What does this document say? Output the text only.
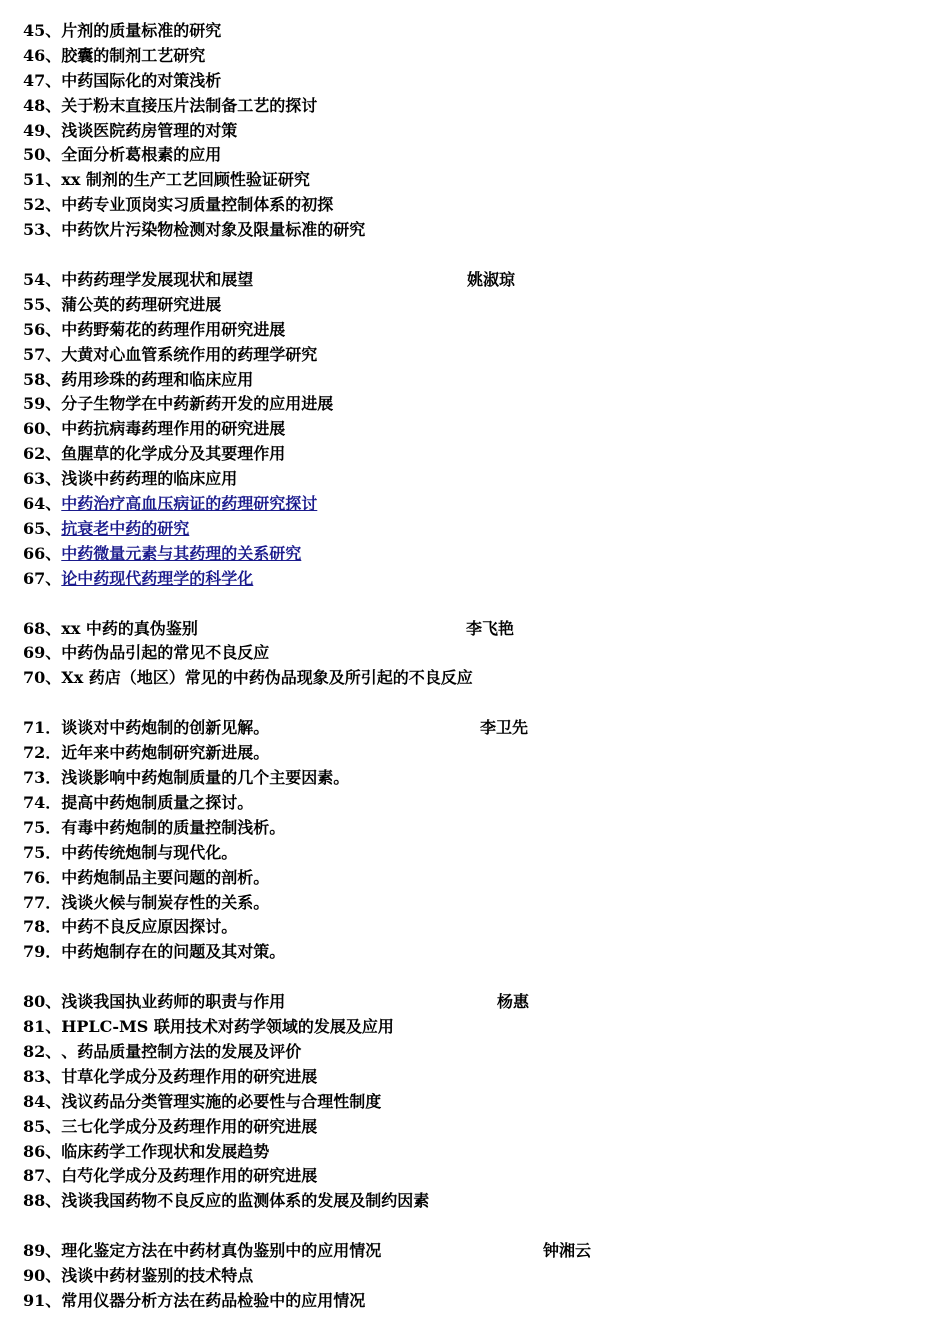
45、片剂的质量标准的研究
46、胶囊的制剂工艺研究
47、中药国际化的对策浅析
48、关于粉末直接压片法制备工艺的探讨
49、浅谈医院药房管理的对策
50、全面分析葛根素的应用
51、xx 制剂的生产工艺回顾性验证研究
52、中药专业顶岗实习质量控制体系的初探
53、中药饮片污染物检测对象及限量标准的研究
54、中药药理学发展现状和展望	姚淑琼
55、蒲公英的药理研究进展
56、中药野菊花的药理作用研究进展
57、大黄对心血管系统作用的药理学研究
58、药用珍珠的药理和临床应用
59、分子生物学在中药新药开发的应用进展
60、中药抗病毒药理作用的研究进展
62、鱼腥草的化学成分及其要理作用
63、浅谈中药药理的临床应用
64、中药治疗高血压病证的药理研究探讨
65、抗衰老中药的研究
66、中药微量元素与其药理的关系研究
67、论中药现代药理学的科学化
68、xx 中药的真伪鉴别	李飞艳
69、中药伪品引起的常见不良反应
70、Xx 药店（地区）常见的中药伪品现象及所引起的不良反应
71．谈谈对中药炮制的创新见解。	李卫先
72．近年来中药炮制研究新进展。
73．浅谈影响中药炮制质量的几个主要因素。
74．提高中药炮制质量之探讨。
75．有毒中药炮制的质量控制浅析。
75．中药传统炮制与现代化。
76．中药炮制品主要问题的剖析。
77．浅谈火候与制炭存性的关系。
78．中药不良反应原因探讨。
79．中药炮制存在的问题及其对策。
80、浅谈我国执业药师的职责与作用	杨惠
81、HPLC-MS 联用技术对药学领域的发展及应用
82、、药品质量控制方法的发展及评价
83、甘草化学成分及药理作用的研究进展
84、浅议药品分类管理实施的必要性与合理性制度
85、三七化学成分及药理作用的研究进展
86、临床药学工作现状和发展趋势
87、白芍化学成分及药理作用的研究进展
88、浅谈我国药物不良反应的监测体系的发展及制约因素
89、理化鉴定方法在中药材真伪鉴别中的应用情况	钟湘云
90、浅谈中药材鉴别的技术特点
91、常用仪器分析方法在药品检验中的应用情况
